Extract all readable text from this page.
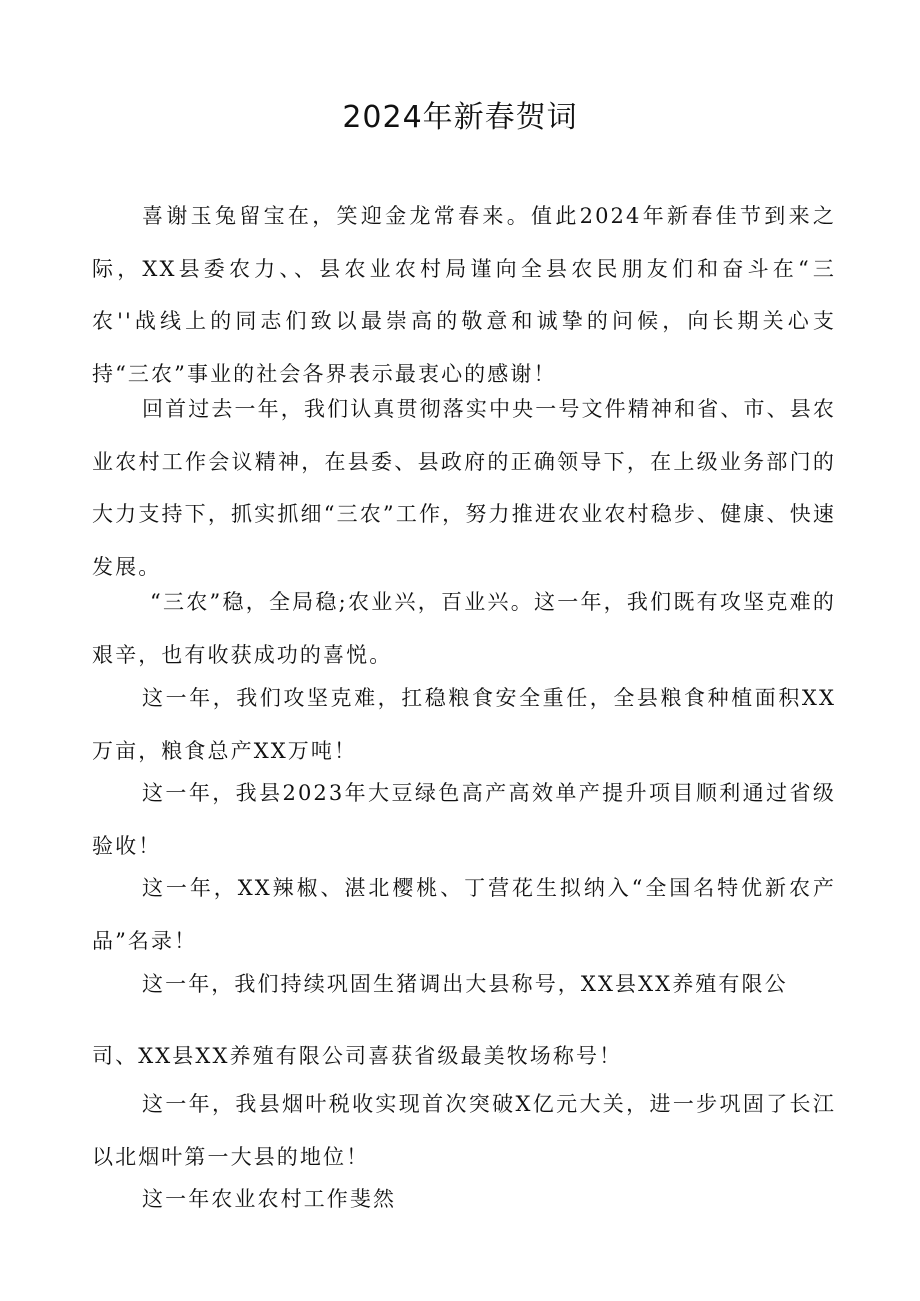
2024年新春贺词

喜谢玉兔留宝在，笑迎金龙常春来。值此2024年新春佳节到来之际，XX县委农力、、县农业农村局谨向全县农民朋友们和奋斗在“三农''战线上的同志们致以最崇高的敬意和诚挚的问候，向长期关心支持“三农”事业的社会各界表示最衷心的感谢！

回首过去一年，我们认真贯彻落实中央一号文件精神和省、市、县农业农村工作会议精神，在县委、县政府的正确领导下，在上级业务部门的大力支持下，抓实抓细“三农”工作，努力推进农业农村稳步、健康、快速发展。

“三农”稳，全局稳;农业兴，百业兴。这一年，我们既有攻坚克难的艰辛，也有收获成功的喜悦。

这一年，我们攻坚克难，扛稳粮食安全重任，全县粮食种植面积XX万亩，粮食总产XX万吨！

这一年，我县2023年大豆绿色高产高效单产提升项目顺利通过省级验收！

这一年，XX辣椒、湛北樱桃、丁营花生拟纳入“全国名特优新农产品”名录！

这一年，我们持续巩固生猪调出大县称号，XX县XX养殖有限公

司、XX县XX养殖有限公司喜获省级最美牧场称号！

这一年，我县烟叶税收实现首次突破X亿元大关，进一步巩固了长江以北烟叶第一大县的地位！

这一年农业农村工作斐然
